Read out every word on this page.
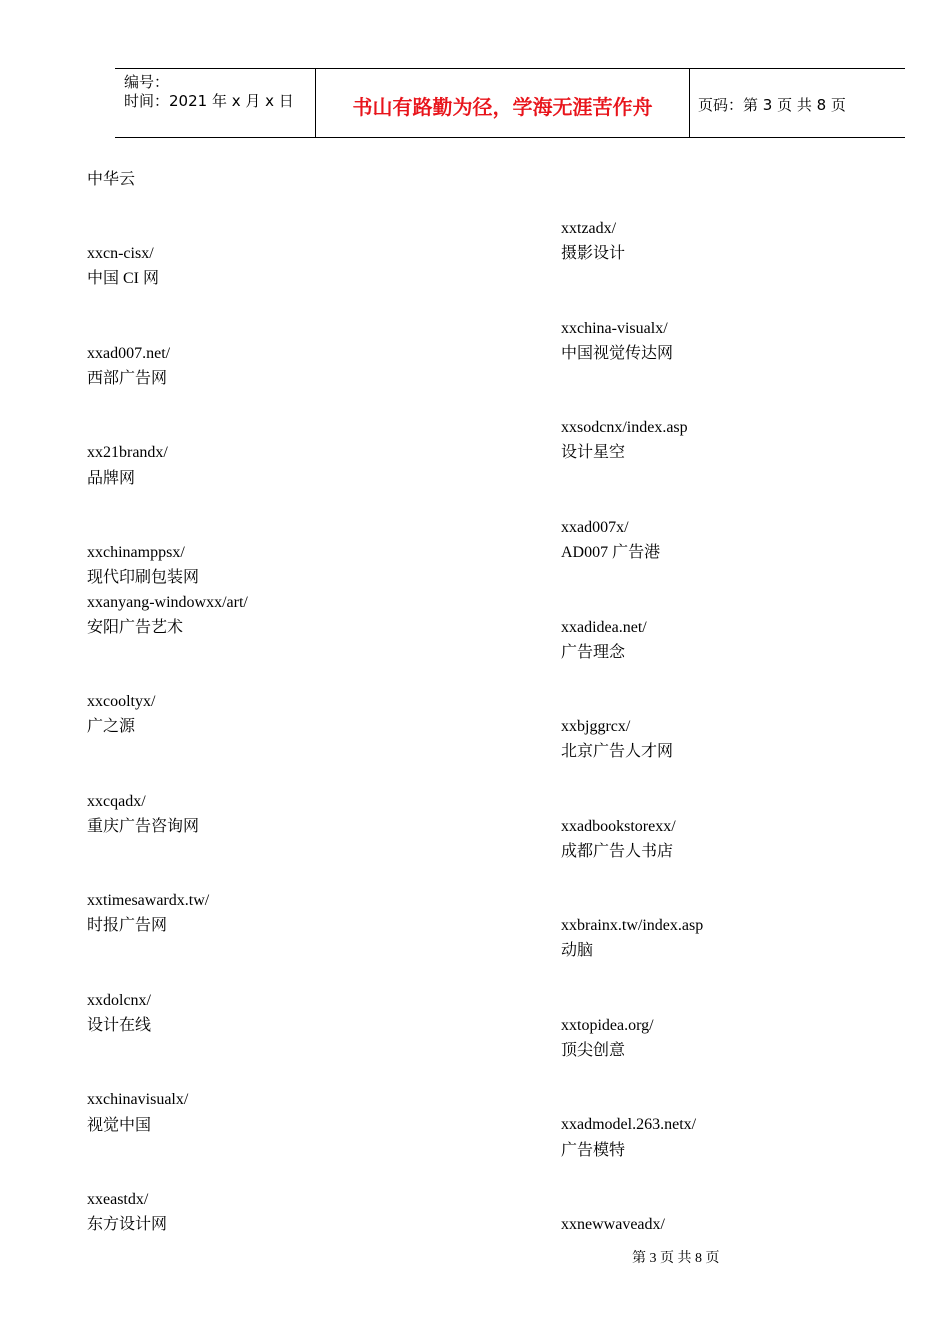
编号：
时间：2021 年 x 月 x 日	书山有路勤为径，学海无涯苦作舟	页码：第 3 页 共 8 页
中华云
xxcn-cisx/
中国 CI 网
xxad007.net/
西部广告网
xx21brandx/
品牌网
xxchinamppsx/
现代印刷包装网
xxanyang-windowxx/art/
安阳广告艺术
xxcooltyx/
广之源
xxcqadx/
重庆广告咨询网
xxtimesawardx.tw/
时报广告网
xxdolcnx/
设计在线
xxchinavisualx/
视觉中国
xxeastdx/
东方设计网
xxtzadx/
摄影设计
xxchina-visualx/
中国视觉传达网
xxsodcnx/index.asp
设计星空
xxad007x/
AD007 广告港
xxadidea.net/
广告理念
xxbjggrcx/
北京广告人才网
xxadbookstorexx/
成都广告人书店
xxbrainx.tw/index.asp
动脑
xxtopidea.org/
顶尖创意
xxadmodel.263.netx/
广告模特
xxnewwaveadx/
第 3 页 共 8 页
